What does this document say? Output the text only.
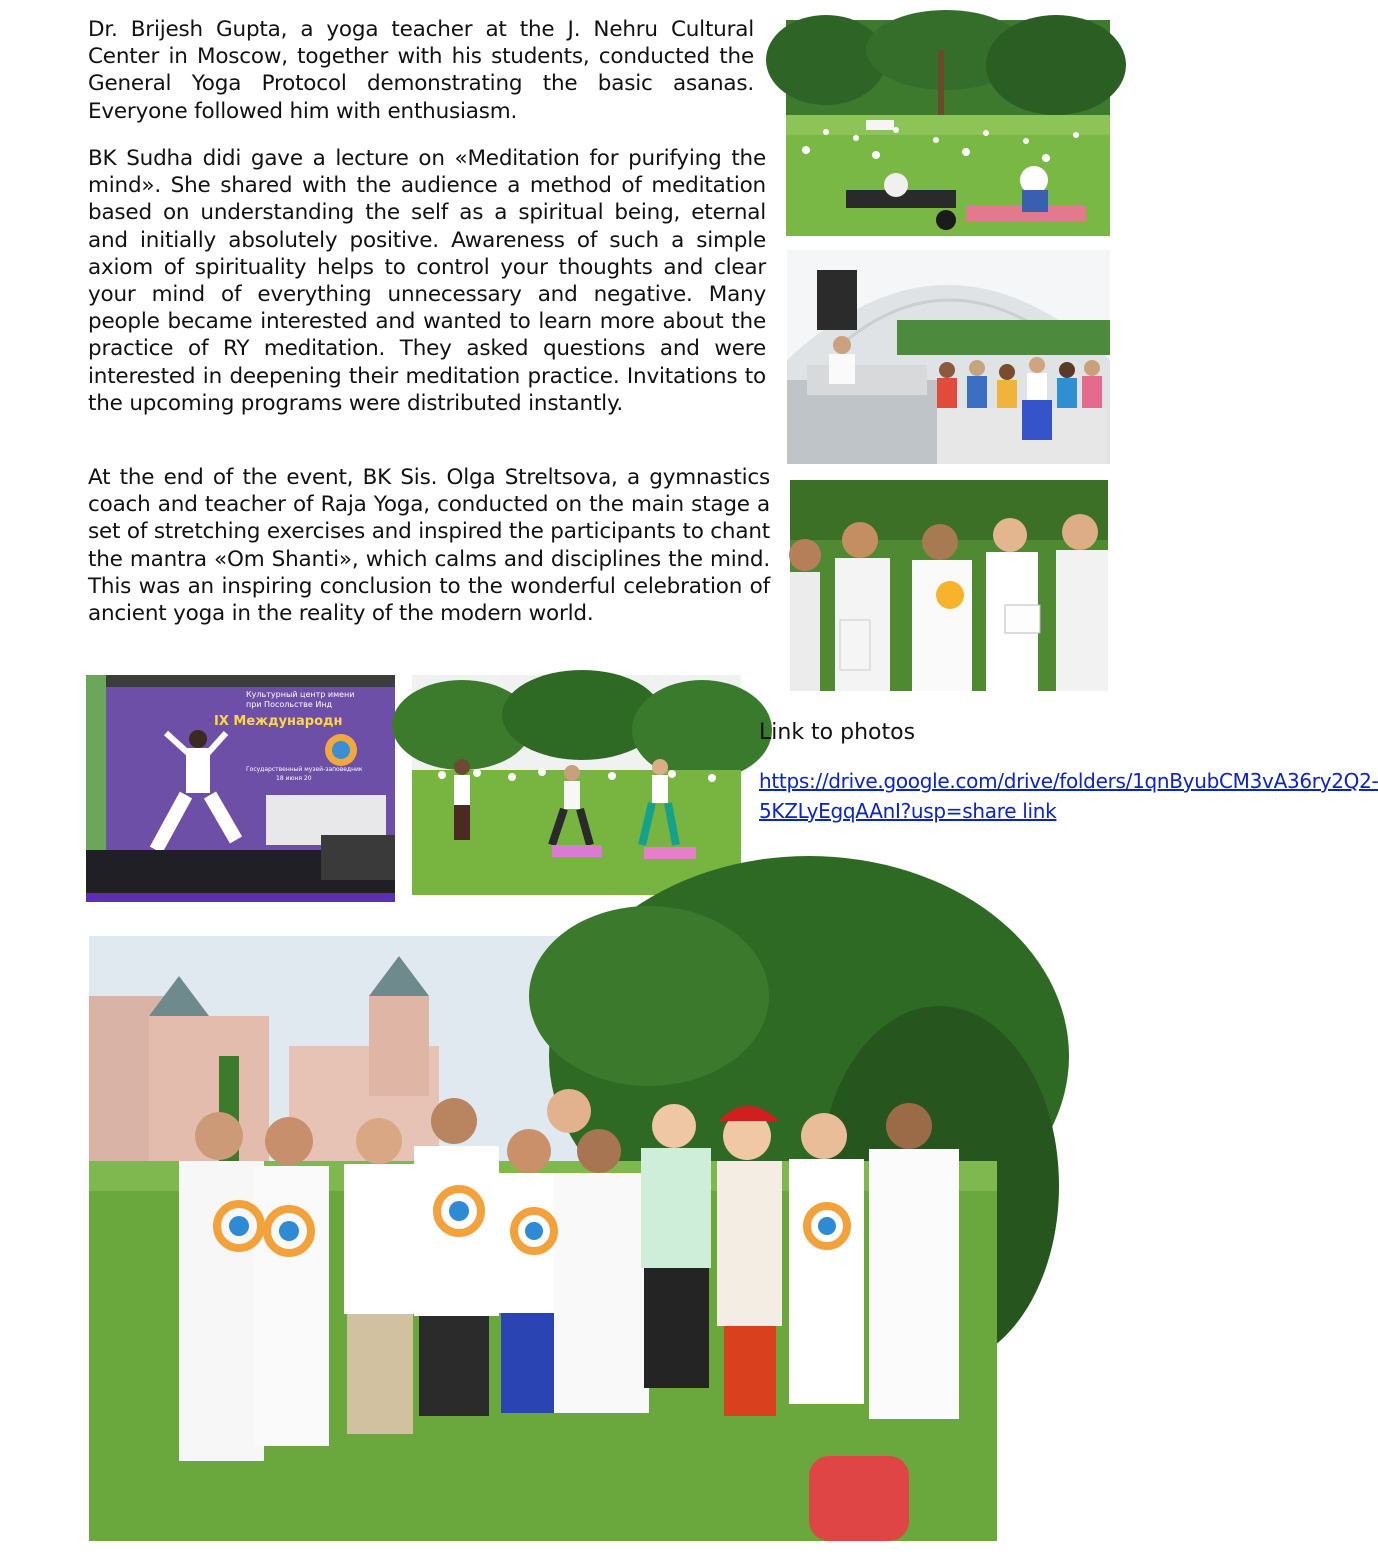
Dr. Brijesh Gupta, a yoga teacher at the J. Nehru Cultural Center in Moscow, together with his students, conducted the General Yoga Protocol demonstrating the basic asanas. Everyone followed him with enthusiasm.

BK Sudha didi gave a lecture on «Meditation for purifying the mind». She shared with the audience a method of meditation based on understanding the self as a spiritual being, eternal and initially absolutely positive. Awareness of such a simple axiom of spirituality helps to control your thoughts and clear your mind of everything unnecessary and negative. Many people became interested and wanted to learn more about the practice of RY meditation. They asked questions and were interested in deepening their meditation practice. Invitations to the upcoming programs were distributed instantly.

At the end of the event, BK Sis. Olga Streltsova, a gymnastics coach and teacher of Raja Yoga, conducted on the main stage a set of stretching exercises and inspired the participants to chant the mantra «Om Shanti», which calms and disciplines the mind. This was an inspiring conclusion to the wonderful celebration of ancient yoga in the reality of the modern world.

Культурный центр имени
при Посольстве Инд
IX Международн
Государственный музей-заповедник
18 июня 20
Link to photos
https://drive.google.com/drive/folders/1qnByubCM3vA36ry2Q2-5KZLyEgqAAnI?usp=share link
